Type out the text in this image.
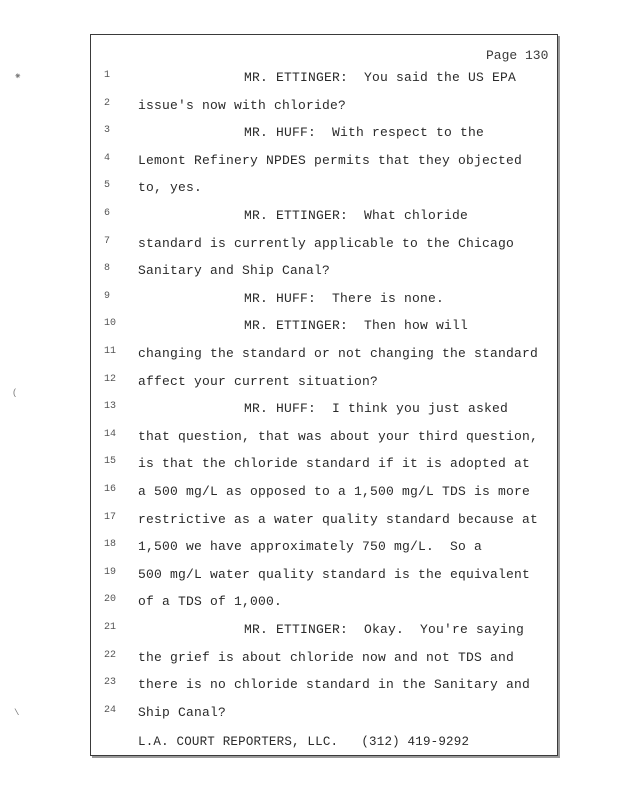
Page 130
1	MR. ETTINGER:  You said the US EPA
2	issue's now with chloride?
3	MR. HUFF:  With respect to the
4	Lemont Refinery NPDES permits that they objected
5	to, yes.
6	MR. ETTINGER:  What chloride
7	standard is currently applicable to the Chicago
8	Sanitary and Ship Canal?
9	MR. HUFF:  There is none.
10	MR. ETTINGER:  Then how will
11	changing the standard or not changing the standard
12	affect your current situation?
13	MR. HUFF:  I think you just asked
14	that question, that was about your third question,
15	is that the chloride standard if it is adopted at
16	a 500 mg/L as opposed to a 1,500 mg/L TDS is more
17	restrictive as a water quality standard because at
18	1,500 we have approximately 750 mg/L.  So a
19	500 mg/L water quality standard is the equivalent
20	of a TDS of 1,000.
21	MR. ETTINGER:  Okay.  You're saying
22	the grief is about chloride now and not TDS and
23	there is no chloride standard in the Sanitary and
24	Ship Canal?
L.A. COURT REPORTERS, LLC.   (312) 419-9292
⁕
(
\
